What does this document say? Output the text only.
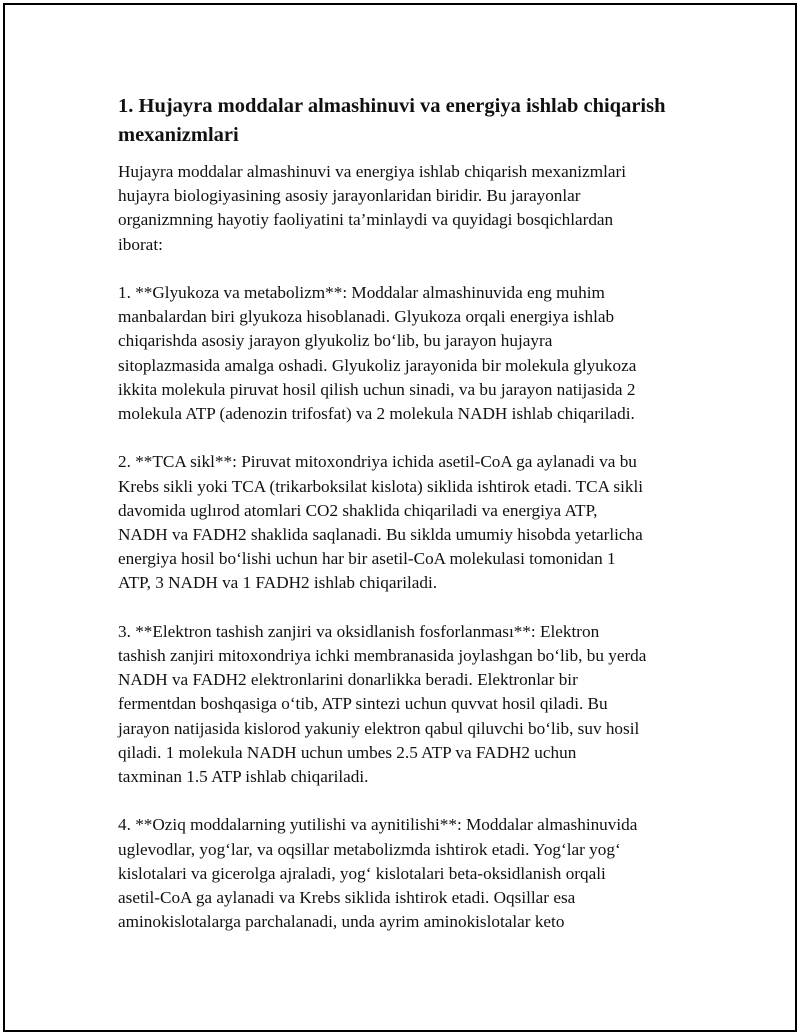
1. Hujayra moddalar almashinuvi va energiya ishlab chiqarish mexanizmlari

Hujayra moddalar almashinuvi va energiya ishlab chiqarish mexanizmlari
hujayra biologiyasining asosiy jarayonlaridan biridir. Bu jarayonlar
organizmning hayotiy faoliyatini ta’minlaydi va quyidagi bosqichlardan
iborat:

1. **Glyukoza va metabolizm**: Moddalar almashinuvida eng muhim
manbalardan biri glyukoza hisoblanadi. Glyukoza orqali energiya ishlab
chiqarishda asosiy jarayon glyukoliz bo‘lib, bu jarayon hujayra
sitoplazmasida amalga oshadi. Glyukoliz jarayonida bir molekula glyukoza
ikkita molekula piruvat hosil qilish uchun sinadi, va bu jarayon natijasida 2
molekula ATP (adenozin trifosfat) va 2 molekula NADH ishlab chiqariladi.

2. **TCA sikl**: Piruvat mitoxondriya ichida asetil-CoA ga aylanadi va bu
Krebs sikli yoki TCA (trikarboksilat kislota) siklida ishtirok etadi. TCA sikli
davomida uglırod atomlari CO2 shaklida chiqariladi va energiya ATP,
NADH va FADH2 shaklida saqlanadi. Bu siklda umumiy hisobda yetarlicha
energiya hosil bo‘lishi uchun har bir asetil-CoA molekulasi tomonidan 1
ATP, 3 NADH va 1 FADH2 ishlab chiqariladi.

3. **Elektron tashish zanjiri va oksidlanish fosforlanması**: Elektron
tashish zanjiri mitoxondriya ichki membranasida joylashgan bo‘lib, bu yerda
NADH va FADH2 elektronlarini donarlikka beradi. Elektronlar bir
fermentdan boshqasiga o‘tib, ATP sintezi uchun quvvat hosil qiladi. Bu
jarayon natijasida kislorod yakuniy elektron qabul qiluvchi bo‘lib, suv hosil
qiladi. 1 molekula NADH uchun umbes 2.5 ATP va FADH2 uchun
taxminan 1.5 ATP ishlab chiqariladi.

4. **Oziq moddalarning yutilishi va aynitilishi**: Moddalar almashinuvida
uglevodlar, yog‘lar, va oqsillar metabolizmda ishtirok etadi. Yog‘lar yog‘
kislotalari va gicerolga ajraladi, yog‘ kislotalari beta-oksidlanish orqali
asetil-CoA ga aylanadi va Krebs siklida ishtirok etadi. Oqsillar esa
aminokislotalarga parchalanadi, unda ayrim aminokislotalar keto
